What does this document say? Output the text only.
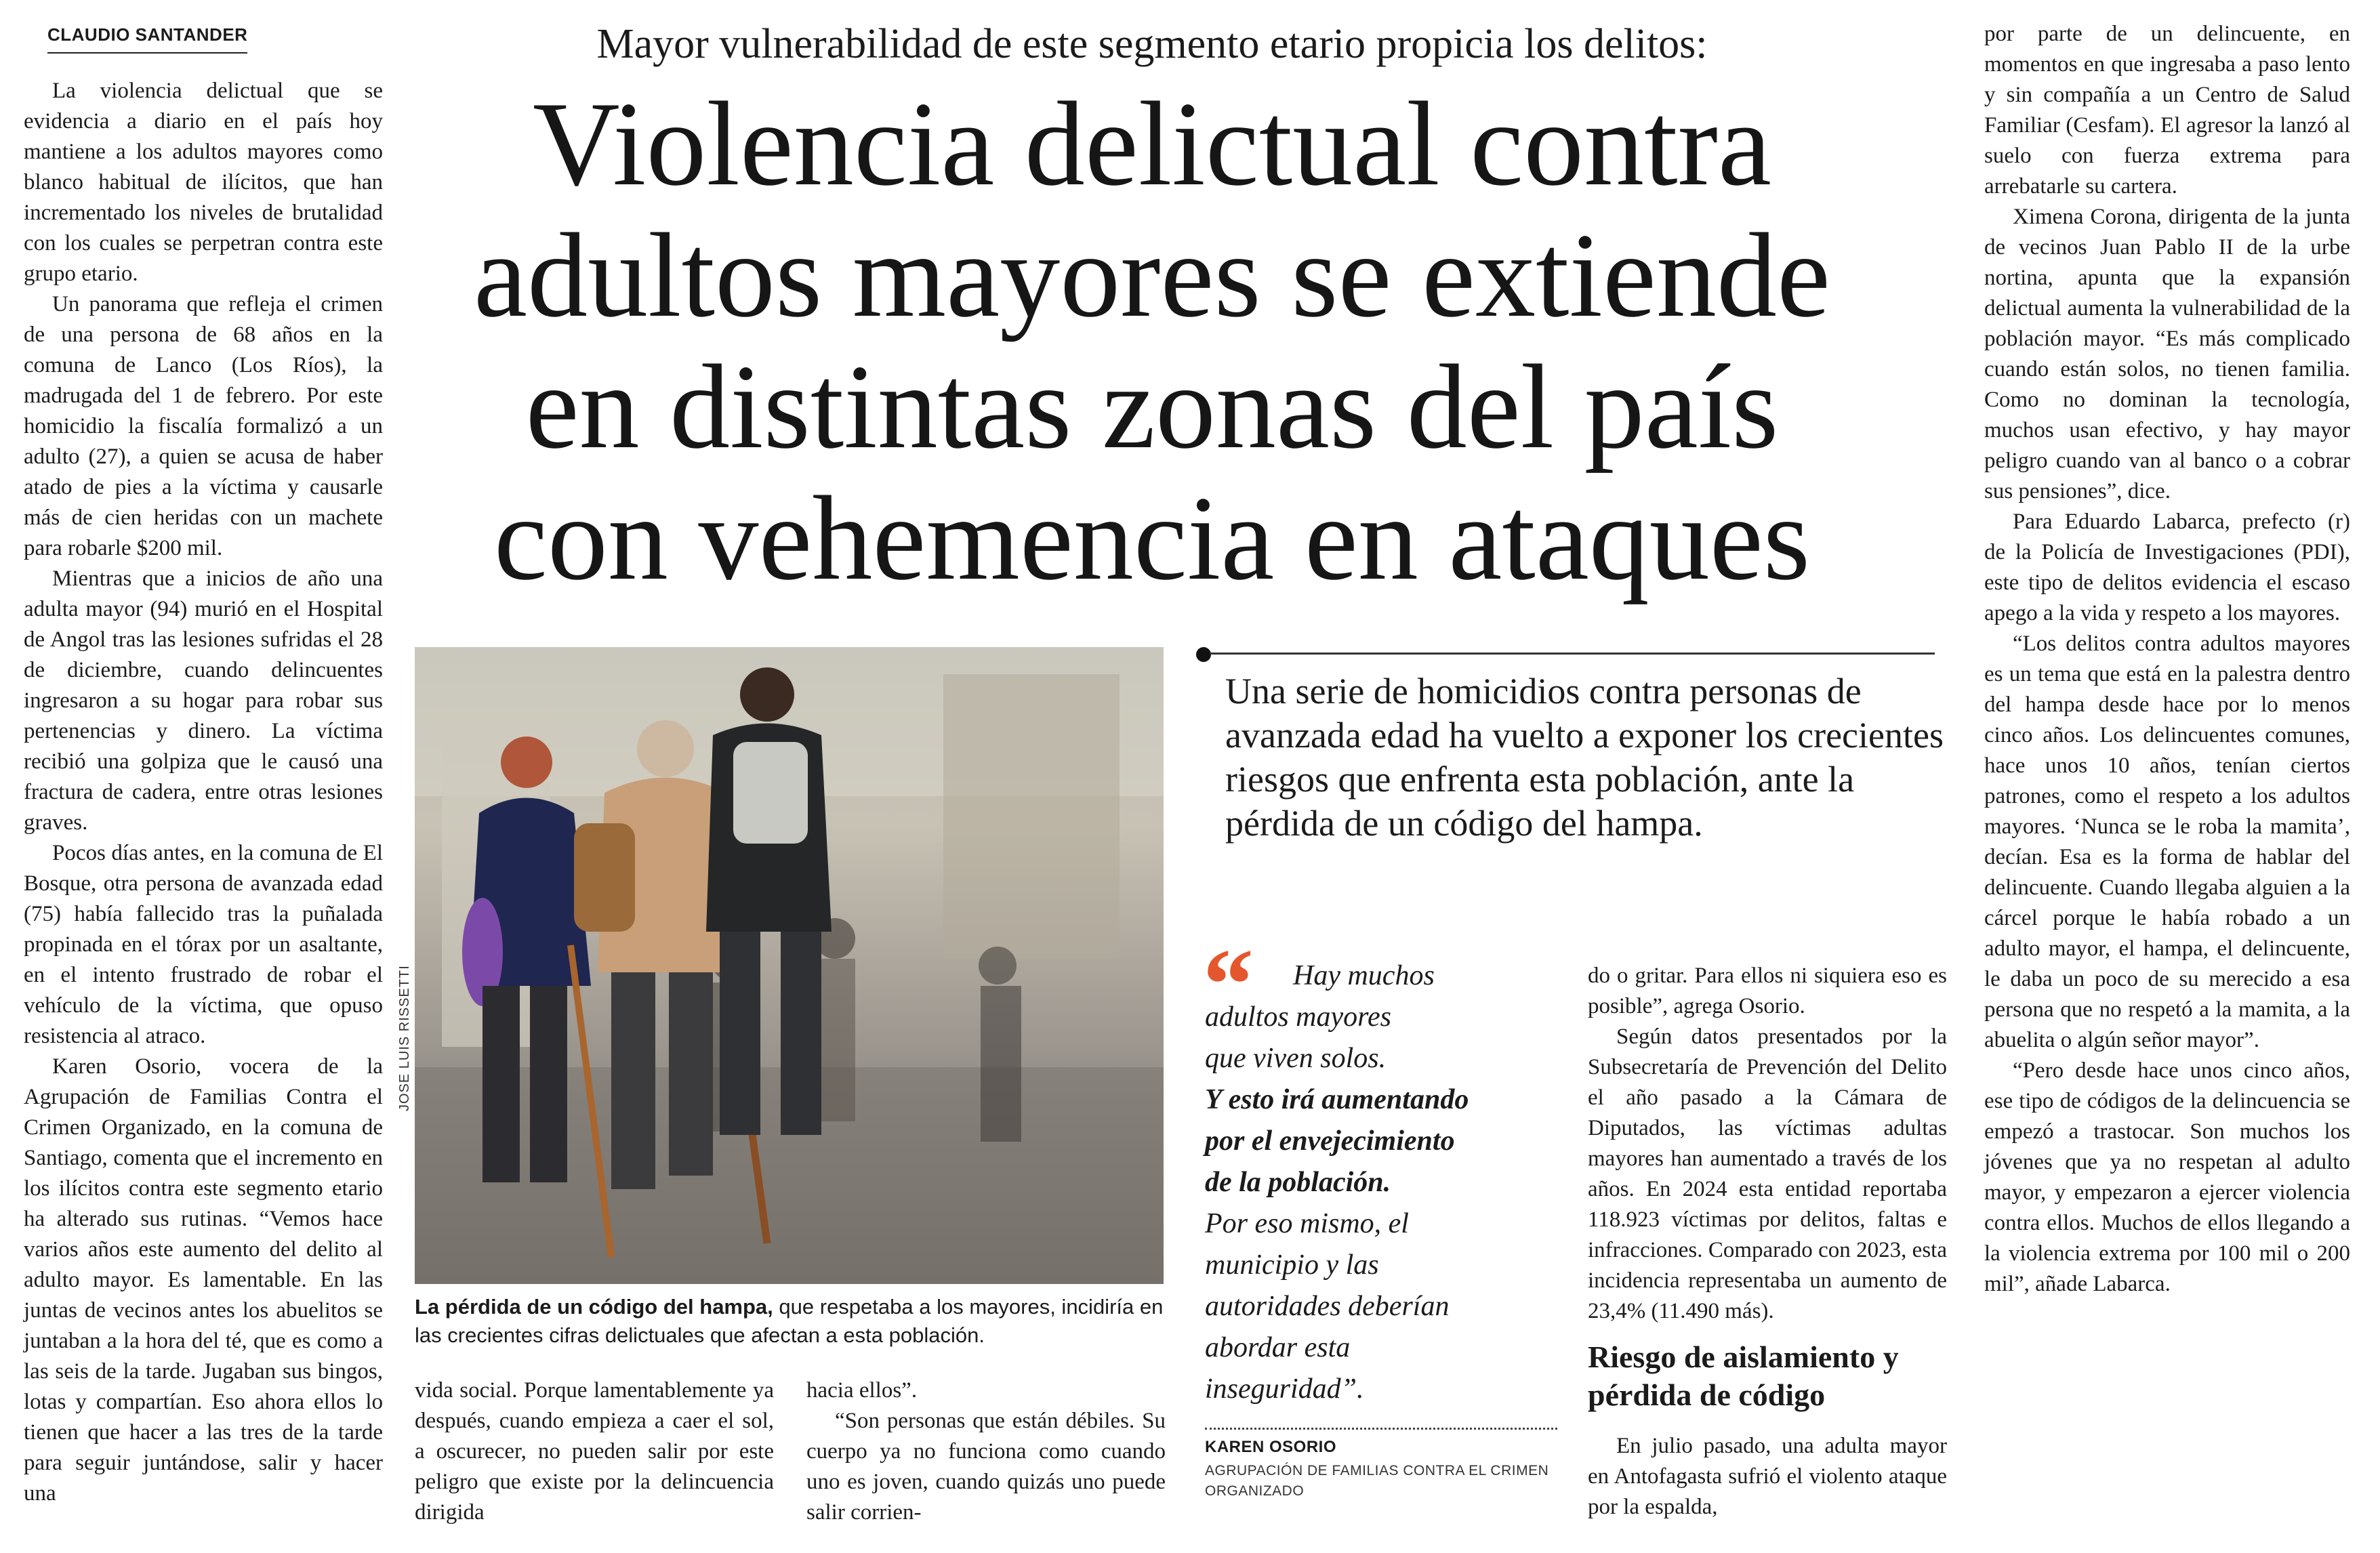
CLAUDIO SANTANDER	Mayor vulnerabilidad de este segmento etario propicia los delitos:
Violencia delictual contra
adultos mayores se extiende
en distintas zonas del país
con vehemencia en ataques

La violencia delictual que se evidencia a diario en el país hoy mantiene a los adultos mayores como blanco habitual de ilícitos, que han incrementado los niveles de brutalidad con los cuales se perpetran contra este grupo etario.

Un panorama que refleja el crimen de una persona de 68 años en la comuna de Lanco (Los Ríos), la madrugada del 1 de febrero. Por este homicidio la fiscalía formalizó a un adulto (27), a quien se acusa de haber atado de pies a la víctima y causarle más de cien heridas con un machete para robarle $200 mil.

Mientras que a inicios de año una adulta mayor (94) murió en el Hospital de Angol tras las lesiones sufridas el 28 de diciembre, cuando delincuentes ingresaron a su hogar para robar sus pertenencias y dinero. La víctima recibió una golpiza que le causó una fractura de cadera, entre otras lesiones graves.

Pocos días antes, en la comuna de El Bosque, otra persona de avanzada edad (75) había fallecido tras la puñalada propinada en el tórax por un asaltante, en el intento frustrado de robar el vehículo de la víctima, que opuso resistencia al atraco.

Karen Osorio, vocera de la Agrupación de Familias Contra el Crimen Organizado, en la comuna de Santiago, comenta que el incremento en los ilícitos contra este segmento etario ha alterado sus rutinas. “Vemos hace varios años este aumento del delito al adulto mayor. Es lamentable. En las juntas de vecinos antes los abuelitos se juntaban a la hora del té, que es como a las seis de la tarde. Jugaban sus bingos, lotas y compartían. Eso ahora ellos lo tienen que hacer a las tres de la tarde para seguir juntándose, salir y hacer una

JOSE LUIS RISSETTI
La pérdida de un código del hampa, que respetaba a los mayores, incidiría en las crecientes cifras delictuales que afectan a esta población.

vida social. Porque lamentablemente ya después, cuando empieza a caer el sol, a oscurecer, no pueden salir por este peligro que existe por la delincuencia dirigida

hacia ellos”.

“Son personas que están débiles. Su cuerpo ya no funciona como cuando uno es joven, cuando quizás uno puede salir corrien-

Una serie de homicidios contra personas de avanzada edad ha vuelto a exponer los crecientes riesgos que enfrenta esta población, ante la pérdida de un código del hampa.
“	Hay muchos
adultos mayores
que viven solos.
Y esto irá aumentando
por el envejecimiento
de la población.
Por eso mismo, el
municipio y las
autoridades deberían
abordar esta
inseguridad”.
KAREN OSORIO
AGRUPACIÓN DE FAMILIAS CONTRA EL CRIMEN ORGANIZADO

do o gritar. Para ellos ni siquiera eso es posible”, agrega Osorio.

Según datos presentados por la Subsecretaría de Prevención del Delito el año pasado a la Cámara de Diputados, las víctimas adultas mayores han aumentado a través de los años. En 2024 esta entidad reportaba 118.923 víctimas por delitos, faltas e infracciones. Comparado con 2023, esta incidencia representaba un aumento de 23,4% (11.490 más).

Riesgo de aislamiento y pérdida de código

En julio pasado, una adulta mayor en Antofagasta sufrió el violento ataque por la espalda,

por parte de un delincuente, en momentos en que ingresaba a paso lento y sin compañía a un Centro de Salud Familiar (Cesfam). El agresor la lanzó al suelo con fuerza extrema para arrebatarle su cartera.

Ximena Corona, dirigenta de la junta de vecinos Juan Pablo II de la urbe nortina, apunta que la expansión delictual aumenta la vulnerabilidad de la población mayor. “Es más complicado cuando están solos, no tienen familia. Como no dominan la tecnología, muchos usan efectivo, y hay mayor peligro cuando van al banco o a cobrar sus pensiones”, dice.

Para Eduardo Labarca, prefecto (r) de la Policía de Investigaciones (PDI), este tipo de delitos evidencia el escaso apego a la vida y respeto a los mayores.

“Los delitos contra adultos mayores es un tema que está en la palestra dentro del hampa desde hace por lo menos cinco años. Los delincuentes comunes, hace unos 10 años, tenían ciertos patrones, como el respeto a los adultos mayores. ‘Nunca se le roba la mamita’, decían. Esa es la forma de hablar del delincuente. Cuando llegaba alguien a la cárcel porque le había robado a un adulto mayor, el hampa, el delincuente, le daba un poco de su merecido a esa persona que no respetó a la mamita, a la abuelita o algún señor mayor”.

“Pero desde hace unos cinco años, ese tipo de códigos de la delincuencia se empezó a trastocar. Son muchos los jóvenes que ya no respetan al adulto mayor, y empezaron a ejercer violencia contra ellos. Muchos de ellos llegando a la violencia extrema por 100 mil o 200 mil”, añade Labarca.
